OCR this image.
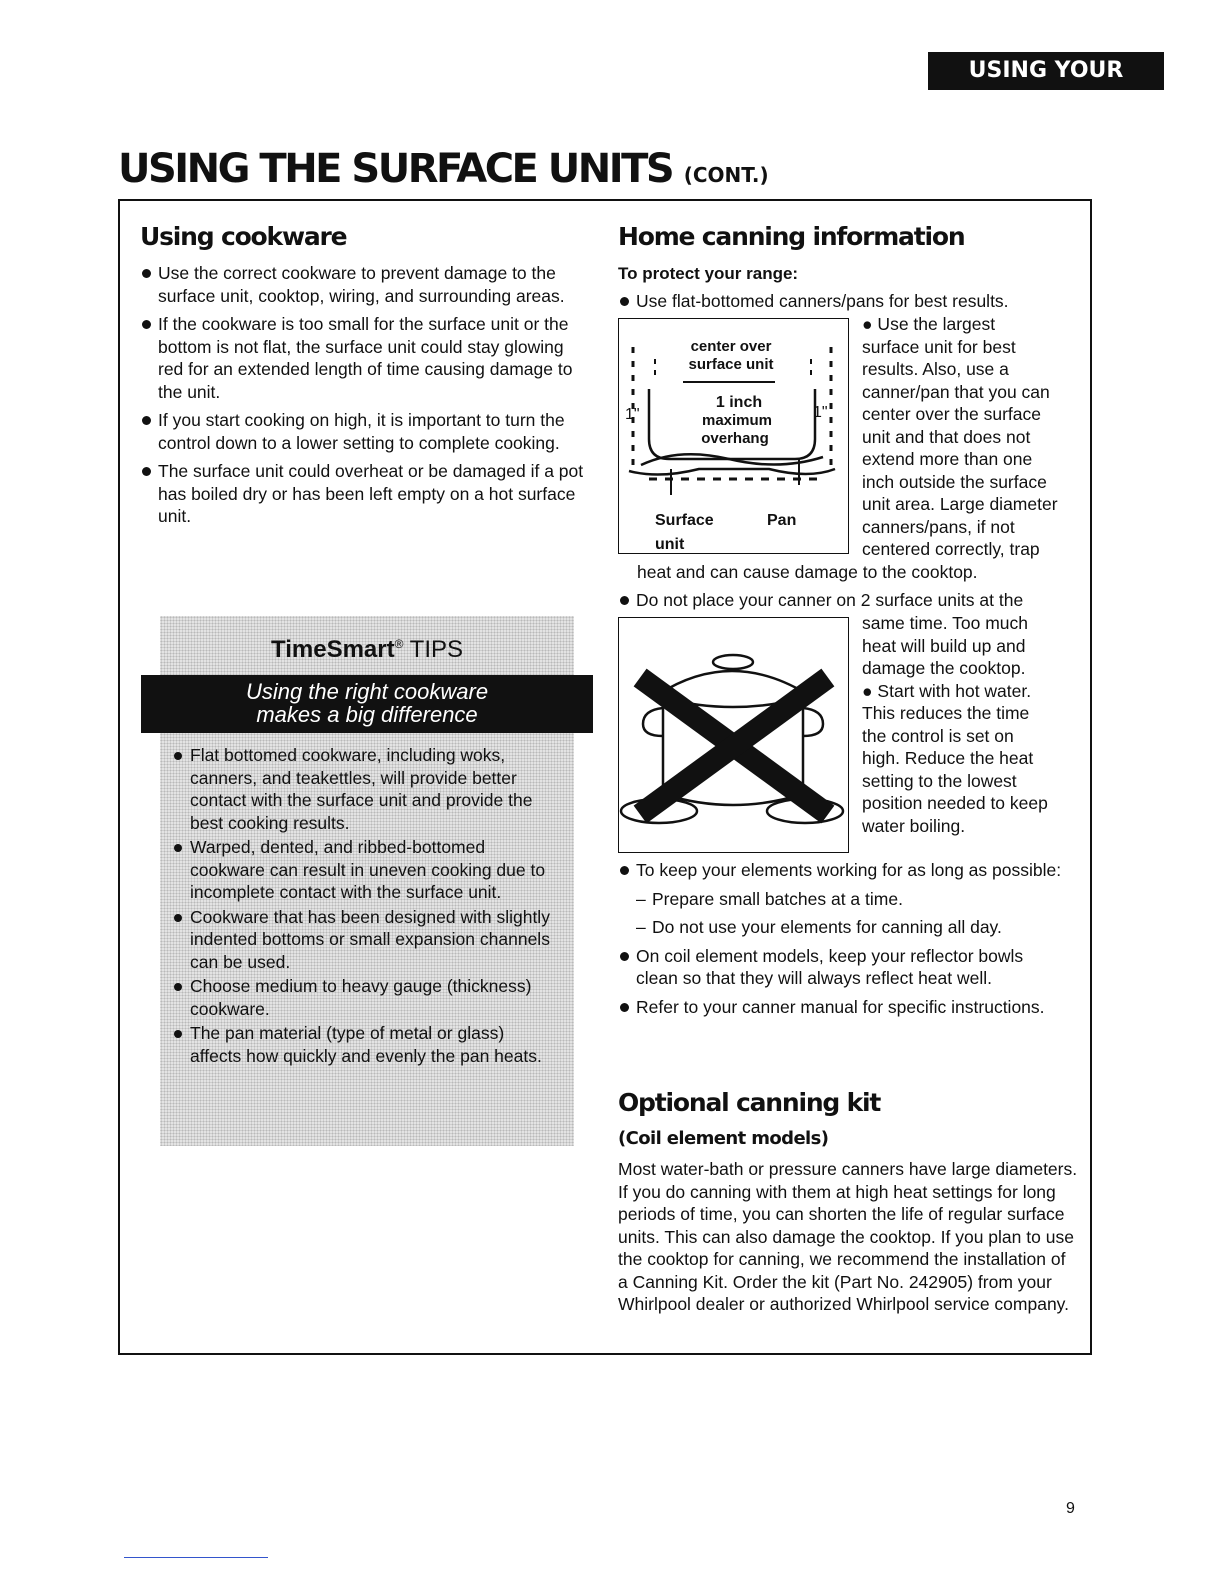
USING YOUR RANGE
USING THE SURFACE UNITS (CONT.)
Using cookware
Use the correct cookware to prevent damage to the surface unit, cooktop, wiring, and surrounding areas.
If the cookware is too small for the surface unit or the bottom is not flat, the surface unit could stay glowing red for an extended length of time causing damage to the unit.
If you start cooking on high, it is important to turn the control down to a lower setting to complete cooking.
The surface unit could overheat or be damaged if a pot has boiled dry or has been left empty on a hot surface unit.
TimeSmart® TIPS
Using the right cookware
makes a big difference
Flat bottomed cookware, including woks, canners, and teakettles, will provide better contact with the surface unit and provide the best cooking results.
Warped, dented, and ribbed-bottomed cookware can result in uneven cooking due to incomplete contact with the surface unit.
Cookware that has been designed with slightly indented bottoms or small expansion channels can be used.
Choose medium to heavy gauge (thickness) cookware.
The pan material (type of metal or glass) affects how quickly and evenly the pan heats.
Home canning information

To protect your range:

Use flat-bottomed canners/pans for best results.
center over
surface unit
1 inch
maximum
overhang
1"	1"
Surface
unit
Pan
● Use the largest
surface unit for best
results. Also, use a
canner/pan that you can
center over the surface
unit and that does not
extend more than one
inch outside the surface
unit area. Large diameter
canners/pans, if not
centered correctly, trap

heat and can cause damage to the cooktop.

Do not place your canner on 2 surface units at the
same time. Too much
heat will build up and
damage the cooktop.
● Start with hot water.
This reduces the time
the control is set on
high. Reduce the heat
setting to the lowest
position needed to keep
water boiling.
To keep your elements working for as long as possible:
– Prepare small batches at a time.
– Do not use your elements for canning all day.
On coil element models, keep your reflector bowls clean so that they will always reflect heat well.
Refer to your canner manual for specific instructions.
Optional canning kit
(Coil element models)

Most water-bath or pressure canners have large diameters. If you do canning with them at high heat settings for long periods of time, you can shorten the life of regular surface units. This can also damage the cooktop. If you plan to use the cooktop for canning, we recommend the installation of a Canning Kit. Order the kit (Part No. 242905) from your Whirlpool dealer or authorized Whirlpool service company.

9
